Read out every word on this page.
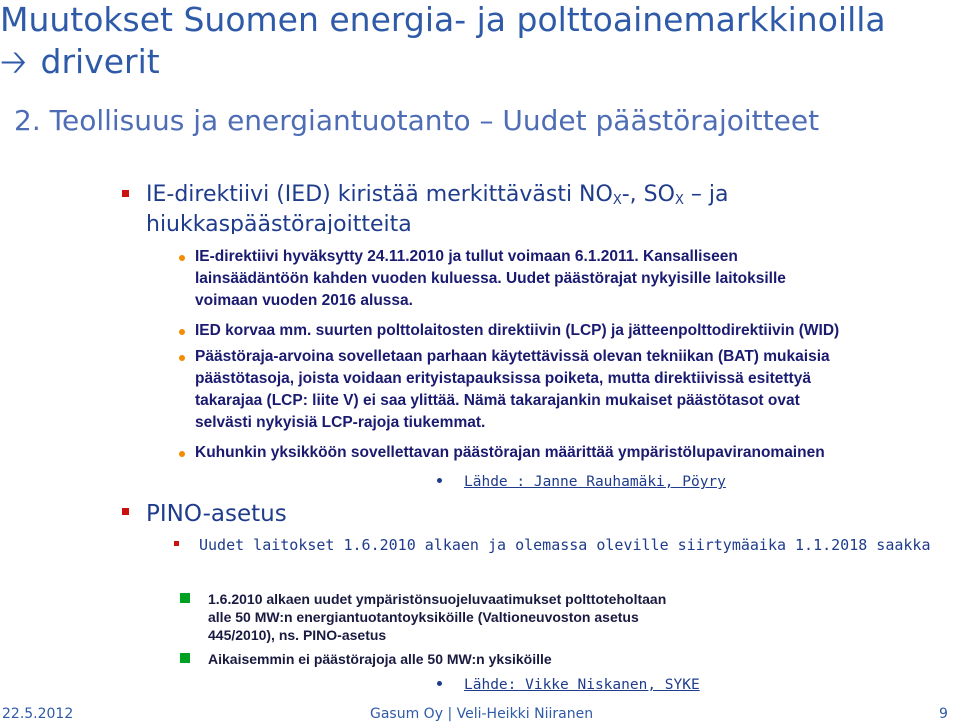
Muutokset Suomen energia- ja polttoainemarkkinoilla
🡢 driverit
2. Teollisuus ja energiantuotanto – Uudet päästörajoitteet
IE-direktiivi (IED) kiristää merkittävästi $NO_X-$, $SO_X$ – ja
hiukkaspäästörajoitteita
IE-direktiivi hyväksytty 24.11.2010 ja tullut voimaan 6.1.2011. Kansalliseen
lainsäädäntöön kahden vuoden kuluessa. Uudet päästörajat nykyisille laitoksille
voimaan vuoden 2016 alussa.
IED korvaa mm. suurten polttolaitosten direktiivin (LCP) ja jätteenpolttodirektiivin (WID)
Päästöraja-arvoina sovelletaan parhaan käytettävissä olevan tekniikan (BAT) mukaisia
päästötasoja, joista voidaan erityistapauksissa poiketa, mutta direktiivissä esitettyä
takarajaa (LCP: liite V) ei saa ylittää. Nämä takarajankin mukaiset päästötasot ovat
selvästi nykyisiä LCP-rajoja tiukemmat.
Kuhunkin yksikköön sovellettavan päästörajan määrittää ympäristölupaviranomainen
Lähde : Janne Rauhamäki, Pöyry
PINO-asetus
Uudet laitokset 1.6.2010 alkaen ja olemassa oleville siirtymäaika 1.1.2018 saakka
1.6.2010 alkaen uudet ympäristönsuojeluvaatimukset polttoteholtaan
alle 50 MW:n energiantuotantoyksiköille (Valtioneuvoston asetus
445/2010), ns. PINO-asetus
Aikaisemmin ei päästörajoja alle 50 MW:n yksiköille
Lähde: Vikke Niskanen, SYKE
22.5.2012	Gasum Oy | Veli-Heikki Niiranen	9
